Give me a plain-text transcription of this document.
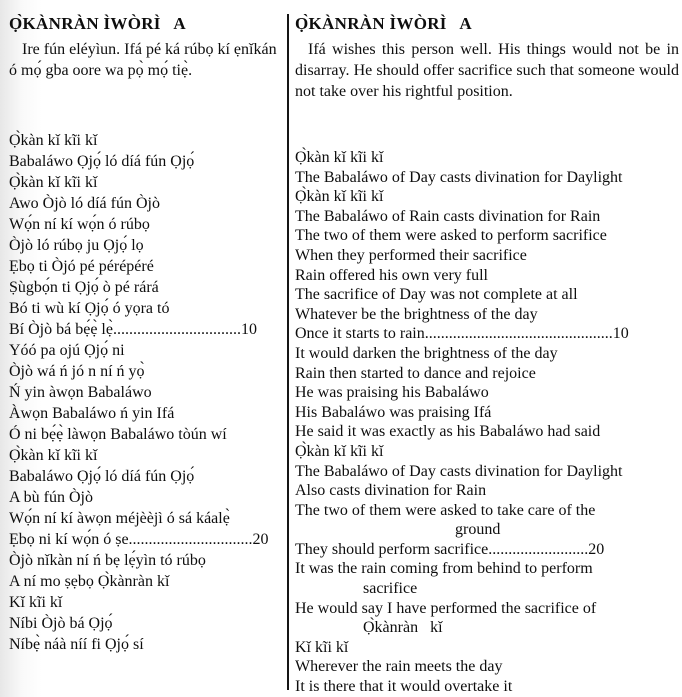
Ọ̀KÀNRÀN ÌWÒRÌ   A

Ire fún eléyìun. Ifá pé ká rúbọ kí ẹnǐkán ó mọ́ gba oore wa pọ̀ mọ́ tiẹ̀.

Ọ̀kàn kǐ kĩi kǐ
Babaláwo Ọjọ́ ló díá fún Ọjọ́
Ọ̀kàn kǐ kĩi kǐ
Awo Òjò ló díá fún Òjò
Wọ́n ní kí wọ́n ó rúbọ
Òjò ló rúbọ ju Ọjọ́ lọ
Ẹbọ ti Òjó pé pérépéré
Ṣùgbọ́n ti Ọjọ́ ò pé rárá
Bó ti wù kí Ọjọ́ ó yọra tó
Bí Òjò bá bẹ́ẹ̀ lẹ̀................................10
Yóó pa ojú Ọjọ́ ni
Òjò wá ń jó n ní ń yọ̀
Ń yin àwọn Babaláwo
Àwọn Babaláwo ń yin Ifá
Ó ni bẹ́ẹ̀ làwọn Babaláwo tòún wí
Ọ̀kàn kǐ kĩi kǐ
Babaláwo Ọjọ́ ló díá fún Ọjọ́
A bù fún Òjò
Wọ́n ní kí àwọn méjèèjì ó sá káalẹ̀
Ẹbọ ni kí wọ́n ó ṣe...............................20
Òjò nǐkàn ní ń bẹ lẹ́yìn tó rúbọ
A ní mo ṣẹbọ Ọ̀kànràn kǐ
Kǐ kĩi kǐ
Níbi Òjò bá Ọjọ́
Níbẹ̀ náà níí fi Ọjọ́ sí

Ọ̀KÀNRÀN ÌWÒRÌ   A

Ifá wishes this person well. His things would not be in disarray. He should offer sacrifice such that someone would not take over his rightful position.

Ọ̀kàn kǐ kĩi kǐ
The Babaláwo of Day casts divination for Daylight
Ọ̀kàn kǐ kĩi kǐ
The Babaláwo of Rain casts divination for Rain
The two of them were asked to perform sacrifice
When they performed their sacrifice
Rain offered his own very full
The sacrifice of Day was not complete at all
Whatever be the brightness of the day
Once it starts to rain...............................................10
It would darken the brightness of the day
Rain then started to dance and rejoice
He was praising his Babaláwo
His Babaláwo was praising Ifá
He said it was exactly as his Babaláwo had said
Ọ̀kàn kǐ kĩi kǐ
The Babaláwo of Day casts divination for Daylight
Also casts divination for Rain
The two of them were asked to take care of the
ground
They should perform sacrifice.........................20
It was the rain coming from behind to perform
sacrifice
He would say I have performed the sacrifice of
Ọ̀kànràn   kǐ
Kǐ kĩi kǐ
Wherever the rain meets the day
It is there that it would overtake it
